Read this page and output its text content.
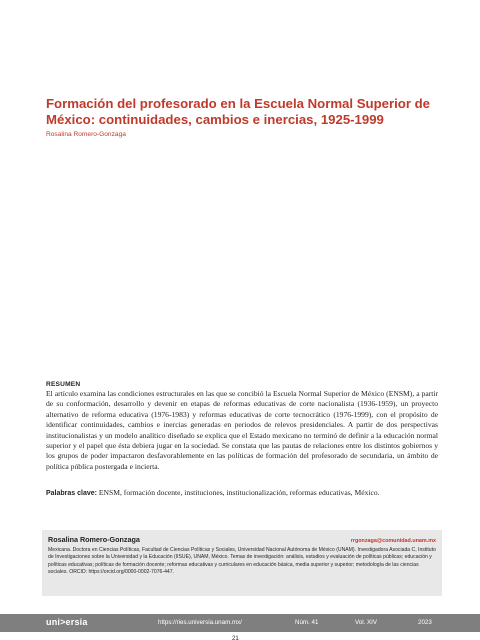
Formación del profesorado en la Escuela Normal Superior de México: continuidades, cambios e inercias, 1925-1999
Rosalina Romero-Gonzaga
RESUMEN
El artículo examina las condiciones estructurales en las que se concibió la Escuela Normal Superior de México (ENSM), a partir de su conformación, desarrollo y devenir en etapas de reformas educativas de corte nacionalista (1936-1959), un proyecto alternativo de reforma educativa (1976-1983) y reformas educativas de corte tecnocrático (1976-1999), con el propósito de identificar continuidades, cambios e inercias generadas en periodos de relevos presidenciales. A partir de dos perspectivas institucionalistas y un modelo analítico diseñado se explica que el Estado mexicano no terminó de definir a la educación normal superior y el papel que ésta debiera jugar en la sociedad. Se constata que las pautas de relaciones entre los distintos gobiernos y los grupos de poder impactaron desfavorablemente en las políticas de formación del profesorado de secundaria, un ámbito de política pública postergada e incierta.
Palabras clave: ENSM, formación docente, instituciones, institucionalización, reformas educativas, México.
Rosalina Romero-Gonzaga	rrgonzaga@comunidad.unam.mx
Mexicana. Doctora en Ciencias Políticas, Facultad de Ciencias Políticas y Sociales, Universidad Nacional Autónoma de México (UNAM). Investigadora Asociada C, Instituto de Investigaciones sobre la Universidad y la Educación (IISUE), UNAM, México. Temas de investigación: análisis, estudios y evaluación de políticas públicas; educación y políticas educativas; políticas de formación docente; reformas educativas y curriculares en educación básica, media superior y superior; metodología de las ciencias sociales. ORCID: https://orcid.org/0000-0002-7076-447.
uni>ersia	https://ries.universia.unam.mx/	Núm. 41	Vol. XIV	2023
21
